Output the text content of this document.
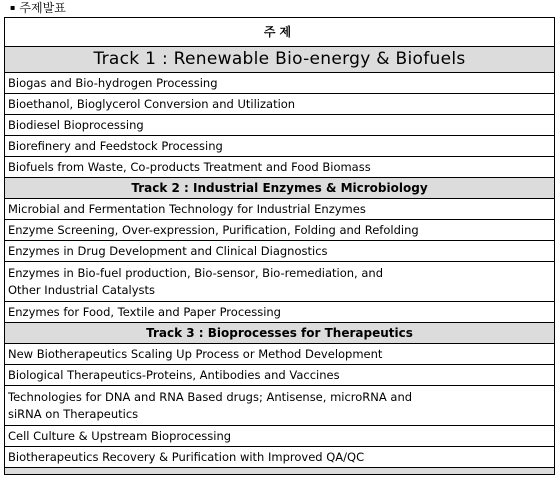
▪ 주제발표
주제
Track 1 : Renewable Bio-energy & Biofuels
Biogas and Bio-hydrogen Processing
Bioethanol, Bioglycerol Conversion and Utilization
Biodiesel Bioprocessing
Biorefinery and Feedstock Processing
Biofuels from Waste, Co-products Treatment and Food Biomass
Track 2 : Industrial Enzymes & Microbiology
Microbial and Fermentation Technology for Industrial Enzymes
Enzyme Screening, Over-expression, Purification, Folding and Refolding
Enzymes in Drug Development and Clinical Diagnostics
Enzymes in Bio-fuel production, Bio-sensor, Bio-remediation, and Other Industrial Catalysts
Enzymes for Food, Textile and Paper Processing
Track 3 : Bioprocesses for Therapeutics
New Biotherapeutics Scaling Up Process or Method Development
Biological Therapeutics-Proteins, Antibodies and Vaccines
Technologies for DNA and RNA Based drugs; Antisense, microRNA and siRNA on Therapeutics
Cell Culture & Upstream Bioprocessing
Biotherapeutics Recovery & Purification with Improved QA/QC
